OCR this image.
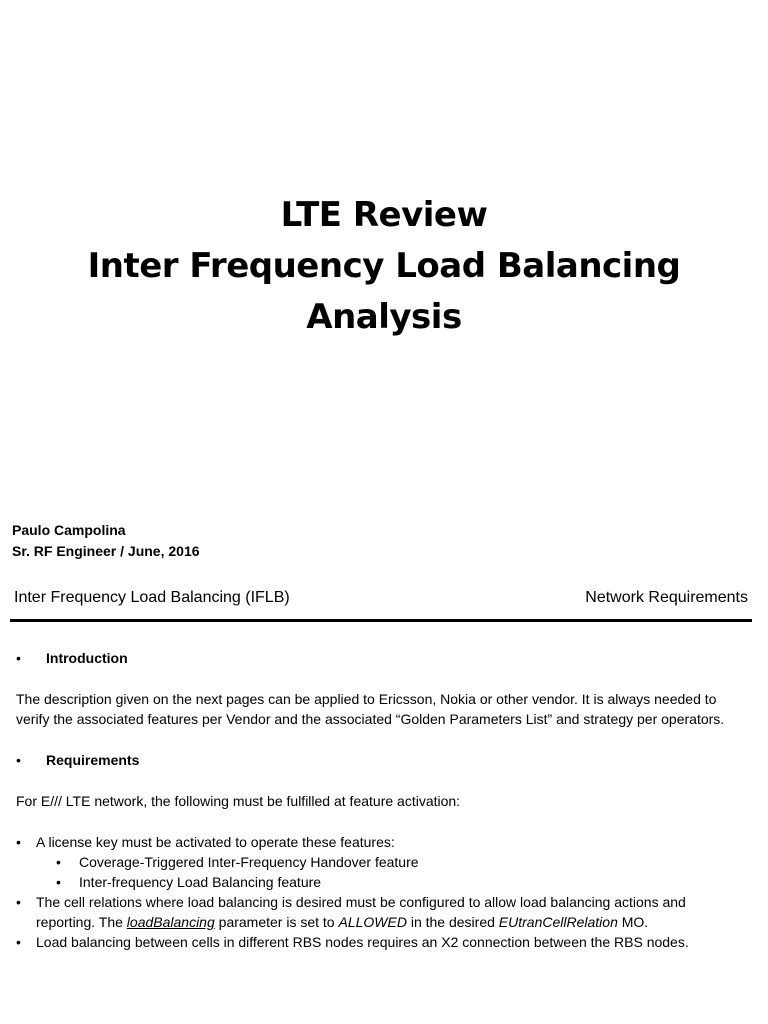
LTE Review
Inter Frequency Load Balancing
Analysis
Paulo Campolina
Sr. RF Engineer / June, 2016
Inter Frequency Load Balancing (IFLB)	Network Requirements
• Introduction

The description given on the next pages can be applied to Ericsson, Nokia or other vendor. It is always needed to verify the associated features per Vendor and the associated “Golden Parameters List” and strategy per operators.

• Requirements

For E/// LTE network, the following must be fulfilled at feature activation:

• A license key must be activated to operate these features:
• Coverage-Triggered Inter-Frequency Handover feature
• Inter-frequency Load Balancing feature
• The cell relations where load balancing is desired must be configured to allow load balancing actions and reporting. The loadBalancing parameter is set to ALLOWED in the desired EUtranCellRelation MO.
• Load balancing between cells in different RBS nodes requires an X2 connection between the RBS nodes.
